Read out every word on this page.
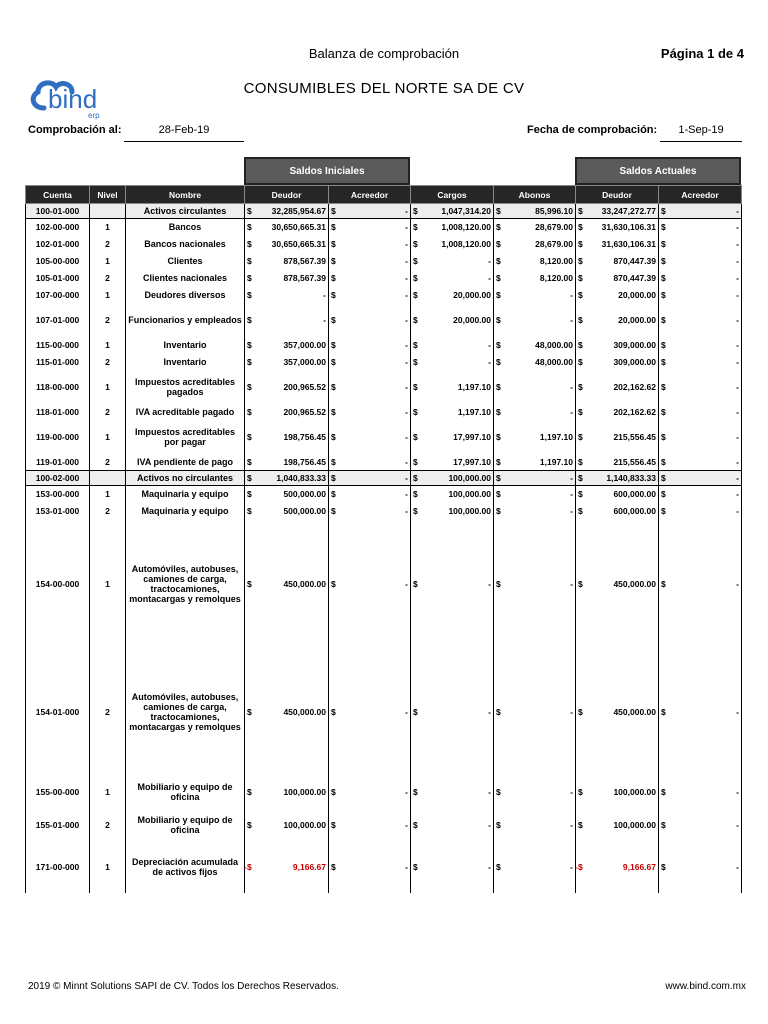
Balanza de comprobación	Página 1 de 4
bind
erp
CONSUMIBLES DEL NORTE SA DE CV
Comprobación al:	28-Feb-19	Fecha de comprobación:	1-Sep-19
Saldos Iniciales	Saldos Actuales
Cuenta	Nivel	Nombre	Deudor	Acreedor	Cargos	Abonos	Deudor	Acreedor
100-01-000		Activos circulantes	$ 32,285,954.67	$ -	$ 1,047,314.20	$ 85,996.10	$ 33,247,272.77	$ -

102-00-000	1	Bancos	$ 30,650,665.31	$ -	$ 1,008,120.00	$ 28,679.00	$ 31,630,106.31	$ -

102-01-000	2	Bancos nacionales	$ 30,650,665.31	$ -	$ 1,008,120.00	$ 28,679.00	$ 31,630,106.31	$ -

105-00-000	1	Clientes	$ 878,567.39	$ -	$ -	$ 8,120.00	$ 870,447.39	$ -

105-01-000	2	Clientes nacionales	$ 878,567.39	$ -	$ -	$ 8,120.00	$ 870,447.39	$ -

107-00-000	1	Deudores diversos	$ -	$ -	$ 20,000.00	$ -	$ 20,000.00	$ -

107-01-000	2	Funcionarios y empleados	$ -	$ -	$ 20,000.00	$ -	$ 20,000.00	$ -

115-00-000	1	Inventario	$ 357,000.00	$ -	$ -	$ 48,000.00	$ 309,000.00	$ -

115-01-000	2	Inventario	$ 357,000.00	$ -	$ -	$ 48,000.00	$ 309,000.00	$ -

118-00-000	1	Impuestos acreditables pagados	$ 200,965.52	$ -	$ 1,197.10	$ -	$ 202,162.62	$ -

118-01-000	2	IVA acreditable pagado	$ 200,965.52	$ -	$ 1,197.10	$ -	$ 202,162.62	$ -

119-00-000	1	Impuestos acreditables por pagar	$ 198,756.45	$ -	$ 17,997.10	$ 1,197.10	$ 215,556.45	$ -

119-01-000	2	IVA pendiente de pago	$ 198,756.45	$ -	$ 17,997.10	$ 1,197.10	$ 215,556.45	$ -

100-02-000		Activos no circulantes	$ 1,040,833.33	$ -	$ 100,000.00	$ -	$ 1,140,833.33	$ -

153-00-000	1	Maquinaria y equipo	$ 500,000.00	$ -	$ 100,000.00	$ -	$ 600,000.00	$ -

153-01-000	2	Maquinaria y equipo	$ 500,000.00	$ -	$ 100,000.00	$ -	$ 600,000.00	$ -

154-00-000	1	Automóviles, autobuses, camiones de carga, tractocamiones, montacargas y remolques	$ 450,000.00	$ -	$ -	$ -	$ 450,000.00	$ -

154-01-000	2	Automóviles, autobuses, camiones de carga, tractocamiones, montacargas y remolques	$ 450,000.00	$ -	$ -	$ -	$ 450,000.00	$ -

155-00-000	1	Mobiliario y equipo de oficina	$ 100,000.00	$ -	$ -	$ -	$ 100,000.00	$ -

155-01-000	2	Mobiliario y equipo de oficina	$ 100,000.00	$ -	$ -	$ -	$ 100,000.00	$ -

171-00-000	1	Depreciación acumulada de activos fijos	- $ 9,166.67	$ -	$ -	$ -	- $ 9,166.67	$ -
2019 © Minnt Solutions SAPI de CV. Todos los Derechos Reservados.	www.bind.com.mx
